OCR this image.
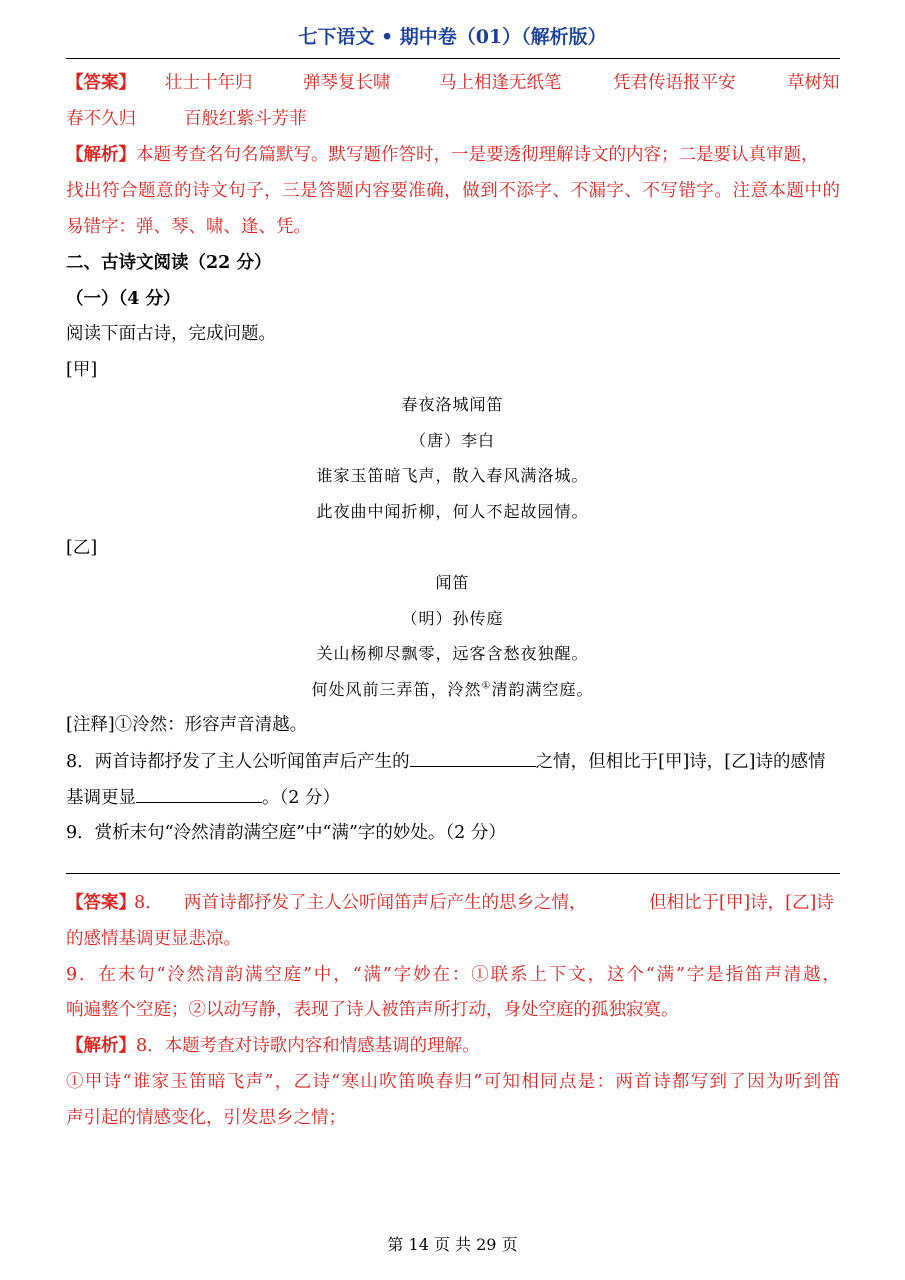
七下语文 • 期中卷（01）（解析版）
【答案】 壮士十年归	弹琴复长啸	马上相逢无纸笔	凭君传语报平安	草树知
春不久归	百般红紫斗芳菲
【解析】本题考查名句名篇默写。默写题作答时，一是要透彻理解诗文的内容；二是要认真审题，
找出符合题意的诗文句子，三是答题内容要准确，做到不添字、不漏字、不写错字。注意本题中的
易错字：弹、琴、啸、逢、凭。
二、古诗文阅读（22 分）
（一）（4 分）
阅读下面古诗，完成问题。
[甲]
春夜洛城闻笛
（唐）李白
谁家玉笛暗飞声，散入春风满洛城。
此夜曲中闻折柳，何人不起故园情。
[乙]
闻笛
（明）孙传庭
关山杨柳尽飘零，远客含愁夜独醒。
何处风前三弄笛，泠然①清韵满空庭。
[注释]①泠然：形容声音清越。
8．两首诗都抒发了主人公听闻笛声后产生的	之情，但相比于[甲]诗，[乙]诗的感情
基调更显	。（2 分）
9．赏析末句“泠然清韵满空庭”中“满”字的妙处。（2 分）
【答案】
8． 两首诗都抒发了主人公听闻笛声后产生的思乡之情，	但相比于[甲]诗，[乙]诗
的感情基调更显悲凉。
9．在末句“泠然清韵满空庭”中，“满”字妙在：①联系上下文，这个“满”字是指笛声清越，
响遍整个空庭；②以动写静，表现了诗人被笛声所打动，身处空庭的孤独寂寞。
【解析】8．本题考查对诗歌内容和情感基调的理解。
①甲诗“谁家玉笛暗飞声”，乙诗“寒山吹笛唤春归”可知相同点是：两首诗都写到了因为听到笛
声引起的情感变化，引发思乡之情；
第 14 页 共 29 页
